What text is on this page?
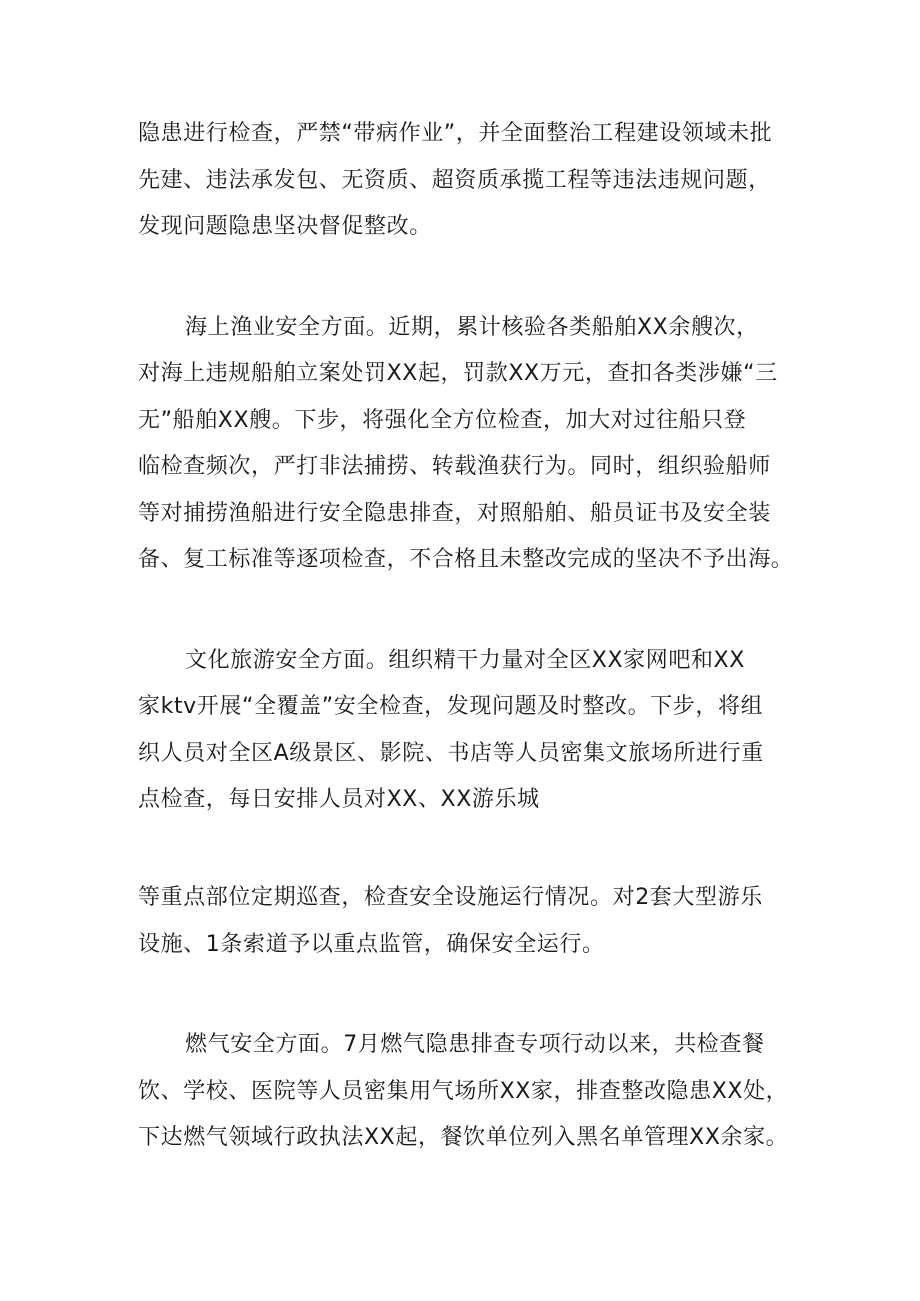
隐患进行检查，严禁“带病作业”，并全面整治工程建设领域未批
先建、违法承发包、无资质、超资质承揽工程等违法违规问题，
发现问题隐患坚决督促整改。
海上渔业安全方面。近期，累计核验各类船舶XX余艘次，
对海上违规船舶立案处罚XX起，罚款XX万元，查扣各类涉嫌“三
无”船舶XX艘。下步，将强化全方位检查，加大对过往船只登
临检查频次，严打非法捕捞、转载渔获行为。同时，组织验船师
等对捕捞渔船进行安全隐患排查，对照船舶、船员证书及安全装
备、复工标准等逐项检查，不合格且未整改完成的坚决不予出海。
文化旅游安全方面。组织精干力量对全区XX家网吧和XX
家ktv开展“全覆盖”安全检查，发现问题及时整改。下步，将组
织人员对全区A级景区、影院、书店等人员密集文旅场所进行重
点检查，每日安排人员对XX、XX游乐城
等重点部位定期巡查，检查安全设施运行情况。对2套大型游乐
设施、1条索道予以重点监管，确保安全运行。
燃气安全方面。7月燃气隐患排查专项行动以来，共检查餐
饮、学校、医院等人员密集用气场所XX家，排查整改隐患XX处，
下达燃气领域行政执法XX起，餐饮单位列入黑名单管理XX余家。
